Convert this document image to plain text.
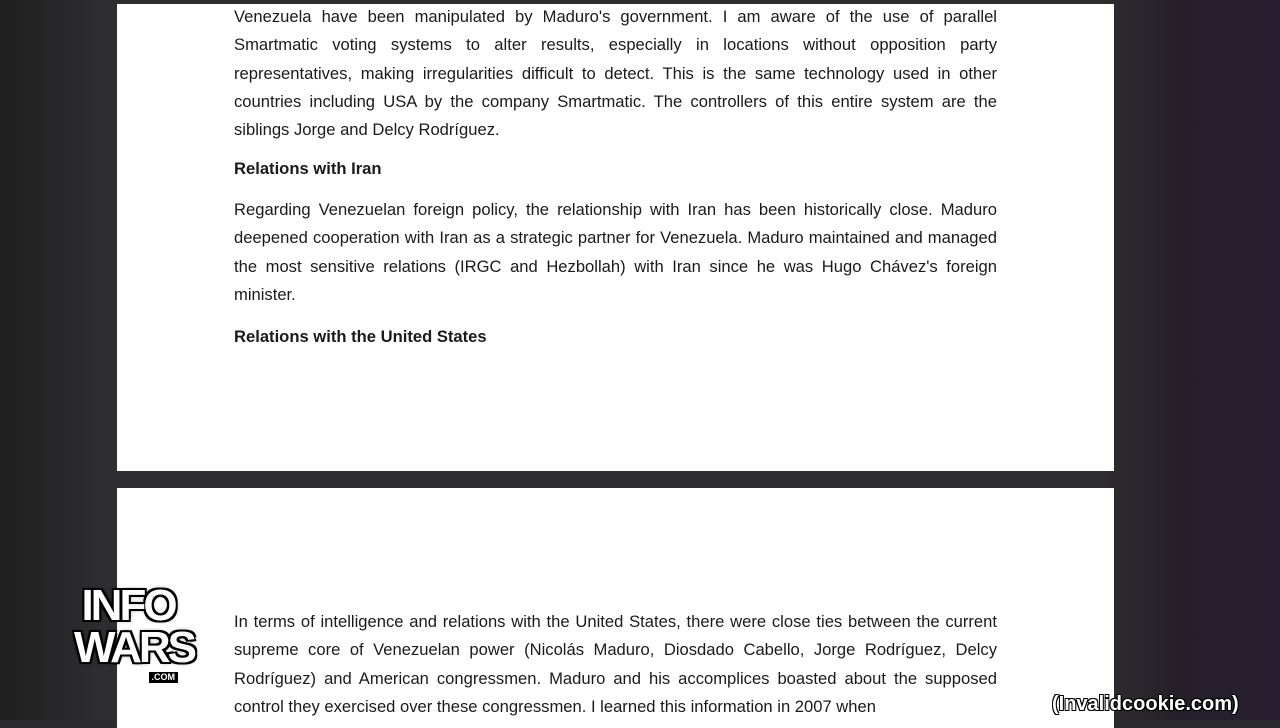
Venezuela have been manipulated by Maduro's government. I am aware of the use of parallel Smartmatic voting systems to alter results, especially in locations without opposition party representatives, making irregularities difficult to detect. This is the same technology used in other countries including USA by the company Smartmatic. The controllers of this entire system are the siblings Jorge and Delcy Rodríguez.

Relations with Iran

Regarding Venezuelan foreign policy, the relationship with Iran has been historically close. Maduro deepened cooperation with Iran as a strategic partner for Venezuela. Maduro maintained and managed the most sensitive relations (IRGC and Hezbollah) with Iran since he was Hugo Chávez's foreign minister.

Relations with the United States

In terms of intelligence and relations with the United States, there were close ties between the current supreme core of Venezuelan power (Nicolás Maduro, Diosdado Cabello, Jorge Rodríguez, Delcy Rodríguez) and American congressmen. Maduro and his accomplices boasted about the supposed control they exercised over these congressmen. I learned this information in 2007 when

INFO
WARS
.COM
(Invalidcookie.com)
